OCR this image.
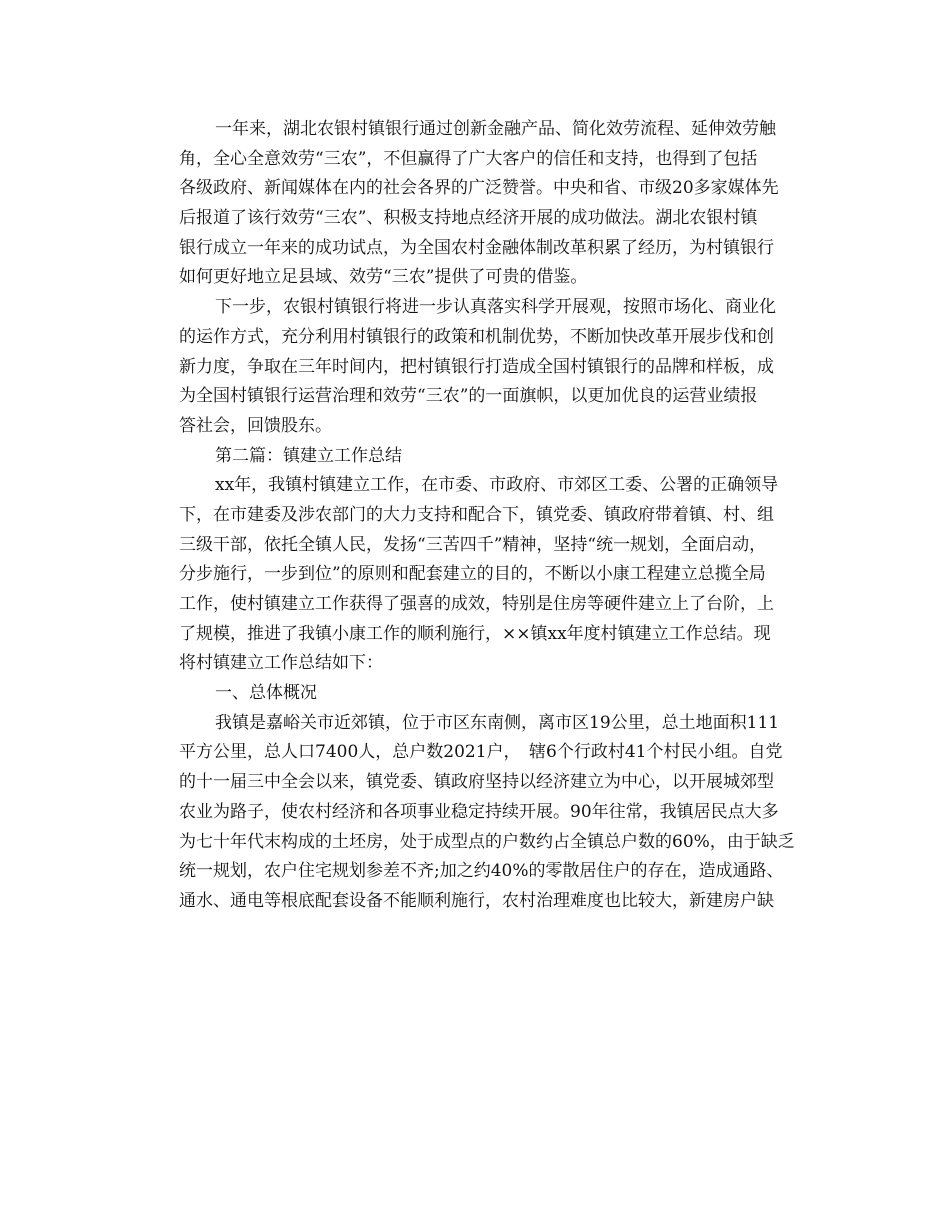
一年来，湖北农银村镇银行通过创新金融产品、简化效劳流程、延伸效劳触
角，全心全意效劳“三农”，不但赢得了广大客户的信任和支持，也得到了包括
各级政府、新闻媒体在内的社会各界的广泛赞誉。中央和省、市级20多家媒体先
后报道了该行效劳“三农”、积极支持地点经济开展的成功做法。湖北农银村镇
银行成立一年来的成功试点，为全国农村金融体制改革积累了经历，为村镇银行
如何更好地立足县域、效劳“三农”提供了可贵的借鉴。
下一步，农银村镇银行将进一步认真落实科学开展观，按照市场化、商业化
的运作方式，充分利用村镇银行的政策和机制优势，不断加快改革开展步伐和创
新力度，争取在三年时间内，把村镇银行打造成全国村镇银行的品牌和样板，成
为全国村镇银行运营治理和效劳“三农”的一面旗帜，以更加优良的运营业绩报
答社会，回馈股东。
第二篇：镇建立工作总结
xx年，我镇村镇建立工作，在市委、市政府、市郊区工委、公署的正确领导
下，在市建委及涉农部门的大力支持和配合下，镇党委、镇政府带着镇、村、组
三级干部，依托全镇人民，发扬“三苦四千”精神，坚持“统一规划，全面启动，
分步施行，一步到位”的原则和配套建立的目的，不断以小康工程建立总揽全局
工作，使村镇建立工作获得了强喜的成效，特别是住房等硬件建立上了台阶，上
了规模，推进了我镇小康工作的顺利施行，××镇xx年度村镇建立工作总结。现
将村镇建立工作总结如下：
一、总体概况
我镇是嘉峪关市近郊镇，位于市区东南侧，离市区19公里，总土地面积111
平方公里，总人口7400人，总户数2021户，　辖6个行政村41个村民小组。自党
的十一届三中全会以来，镇党委、镇政府坚持以经济建立为中心，以开展城郊型
农业为路子，使农村经济和各项事业稳定持续开展。90年往常，我镇居民点大多
为七十年代末构成的土坯房，处于成型点的户数约占全镇总户数的60%，由于缺乏
统一规划，农户住宅规划参差不齐;加之约40%的零散居住户的存在，造成通路、
通水、通电等根底配套设备不能顺利施行，农村治理难度也比较大，新建房户缺
